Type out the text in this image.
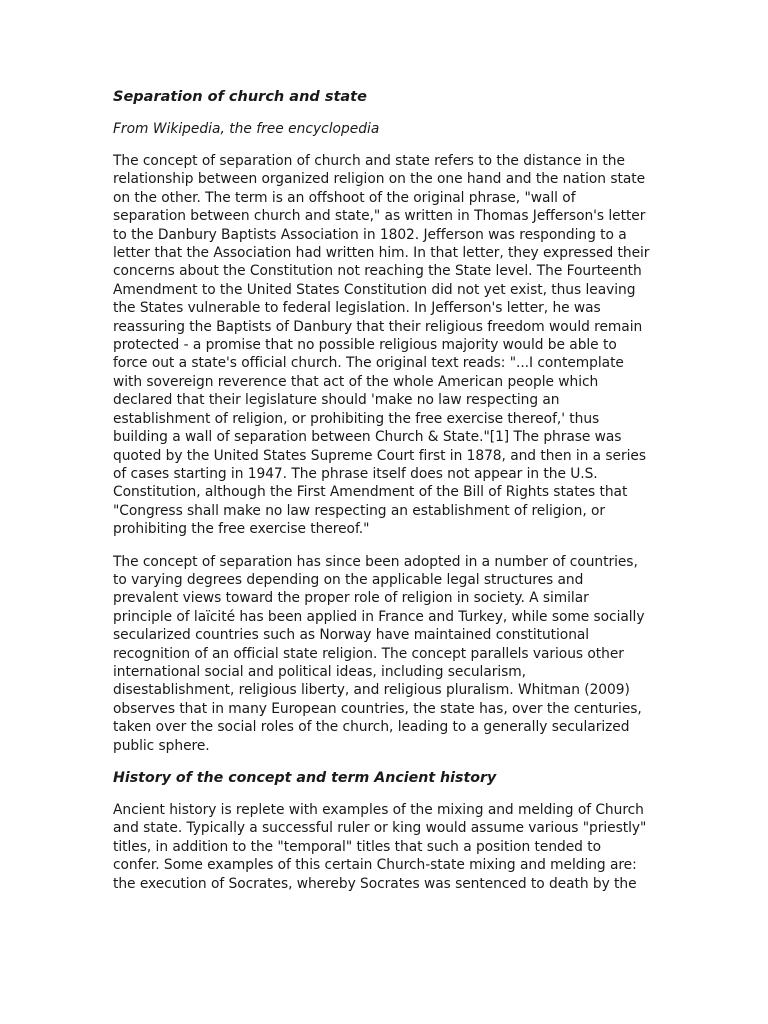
Separation of church and state
From Wikipedia, the free encyclopedia
The concept of separation of church and state refers to the distance in the
relationship between organized religion on the one hand and the nation state
on the other. The term is an offshoot of the original phrase, "wall of
separation between church and state," as written in Thomas Jefferson's letter
to the Danbury Baptists Association in 1802. Jefferson was responding to a
letter that the Association had written him. In that letter, they expressed their
concerns about the Constitution not reaching the State level. The Fourteenth
Amendment to the United States Constitution did not yet exist, thus leaving
the States vulnerable to federal legislation. In Jefferson's letter, he was
reassuring the Baptists of Danbury that their religious freedom would remain
protected - a promise that no possible religious majority would be able to
force out a state's official church. The original text reads: "...I contemplate
with sovereign reverence that act of the whole American people which
declared that their legislature should 'make no law respecting an
establishment of religion, or prohibiting the free exercise thereof,' thus
building a wall of separation between Church & State."[1] The phrase was
quoted by the United States Supreme Court first in 1878, and then in a series
of cases starting in 1947. The phrase itself does not appear in the U.S.
Constitution, although the First Amendment of the Bill of Rights states that
"Congress shall make no law respecting an establishment of religion, or
prohibiting the free exercise thereof."
The concept of separation has since been adopted in a number of countries,
to varying degrees depending on the applicable legal structures and
prevalent views toward the proper role of religion in society. A similar
principle of laïcité has been applied in France and Turkey, while some socially
secularized countries such as Norway have maintained constitutional
recognition of an official state religion. The concept parallels various other
international social and political ideas, including secularism,
disestablishment, religious liberty, and religious pluralism. Whitman (2009)
observes that in many European countries, the state has, over the centuries,
taken over the social roles of the church, leading to a generally secularized
public sphere.
History of the concept and term Ancient history
Ancient history is replete with examples of the mixing and melding of Church
and state. Typically a successful ruler or king would assume various "priestly"
titles, in addition to the "temporal" titles that such a position tended to
confer. Some examples of this certain Church-state mixing and melding are:
the execution of Socrates, whereby Socrates was sentenced to death by the
